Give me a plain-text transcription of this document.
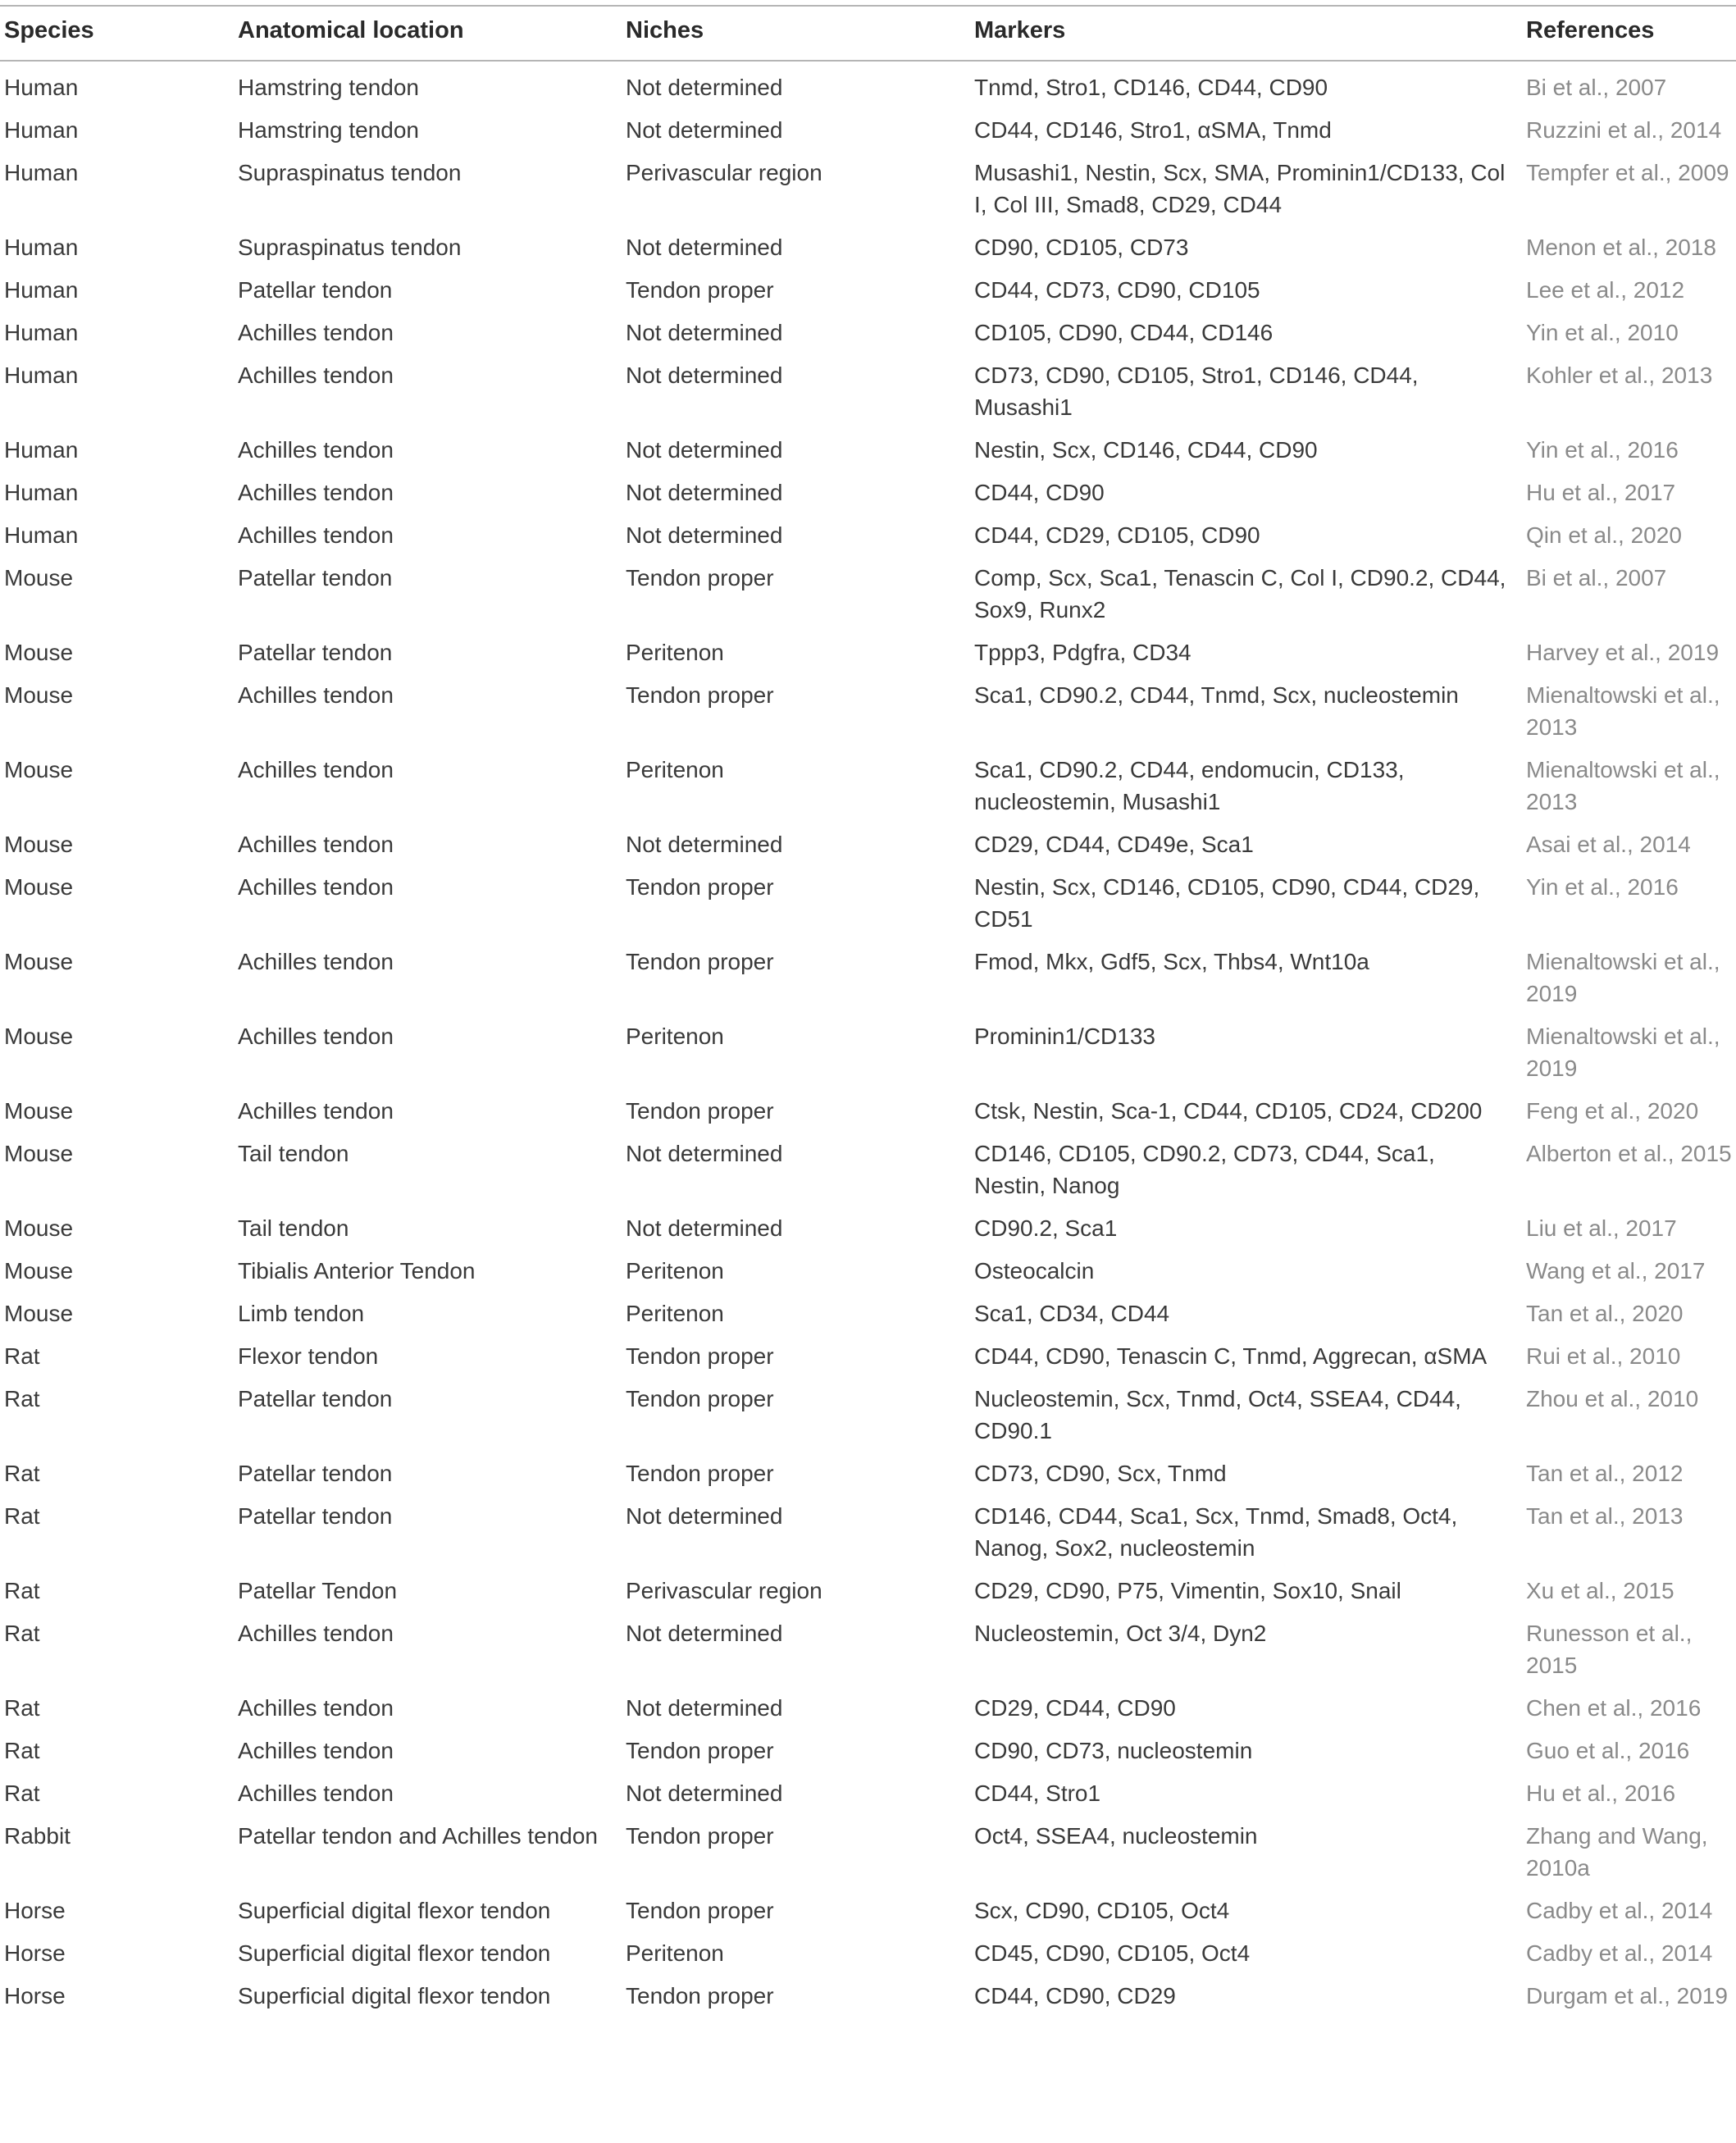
Species	Anatomical location	Niches	Markers	References
Human	Hamstring tendon	Not determined	Tnmd, Stro1, CD146, CD44, CD90	Bi et al., 2007
Human	Hamstring tendon	Not determined	CD44, CD146, Stro1, αSMA, Tnmd	Ruzzini et al., 2014
Human	Supraspinatus tendon	Perivascular region	Musashi1, Nestin, Scx, SMA, Prominin1/CD133, Col I, Col III, Smad8, CD29, CD44	Tempfer et al., 2009
Human	Supraspinatus tendon	Not determined	CD90, CD105, CD73	Menon et al., 2018
Human	Patellar tendon	Tendon proper	CD44, CD73, CD90, CD105	Lee et al., 2012
Human	Achilles tendon	Not determined	CD105, CD90, CD44, CD146	Yin et al., 2010
Human	Achilles tendon	Not determined	CD73, CD90, CD105, Stro1, CD146, CD44, Musashi1	Kohler et al., 2013
Human	Achilles tendon	Not determined	Nestin, Scx, CD146, CD44, CD90	Yin et al., 2016
Human	Achilles tendon	Not determined	CD44, CD90	Hu et al., 2017
Human	Achilles tendon	Not determined	CD44, CD29, CD105, CD90	Qin et al., 2020
Mouse	Patellar tendon	Tendon proper	Comp, Scx, Sca1, Tenascin C, Col I, CD90.2, CD44, Sox9, Runx2	Bi et al., 2007
Mouse	Patellar tendon	Peritenon	Tppp3, Pdgfra, CD34	Harvey et al., 2019
Mouse	Achilles tendon	Tendon proper	Sca1, CD90.2, CD44, Tnmd, Scx, nucleostemin	Mienaltowski et al., 2013
Mouse	Achilles tendon	Peritenon	Sca1, CD90.2, CD44, endomucin, CD133, nucleostemin, Musashi1	Mienaltowski et al., 2013
Mouse	Achilles tendon	Not determined	CD29, CD44, CD49e, Sca1	Asai et al., 2014
Mouse	Achilles tendon	Tendon proper	Nestin, Scx, CD146, CD105, CD90, CD44, CD29, CD51	Yin et al., 2016
Mouse	Achilles tendon	Tendon proper	Fmod, Mkx, Gdf5, Scx, Thbs4, Wnt10a	Mienaltowski et al., 2019
Mouse	Achilles tendon	Peritenon	Prominin1/CD133	Mienaltowski et al., 2019
Mouse	Achilles tendon	Tendon proper	Ctsk, Nestin, Sca-1, CD44, CD105, CD24, CD200	Feng et al., 2020
Mouse	Tail tendon	Not determined	CD146, CD105, CD90.2, CD73, CD44, Sca1, Nestin, Nanog	Alberton et al., 2015
Mouse	Tail tendon	Not determined	CD90.2, Sca1	Liu et al., 2017
Mouse	Tibialis Anterior Tendon	Peritenon	Osteocalcin	Wang et al., 2017
Mouse	Limb tendon	Peritenon	Sca1, CD34, CD44	Tan et al., 2020
Rat	Flexor tendon	Tendon proper	CD44, CD90, Tenascin C, Tnmd, Aggrecan, αSMA	Rui et al., 2010
Rat	Patellar tendon	Tendon proper	Nucleostemin, Scx, Tnmd, Oct4, SSEA4, CD44, CD90.1	Zhou et al., 2010
Rat	Patellar tendon	Tendon proper	CD73, CD90, Scx, Tnmd	Tan et al., 2012
Rat	Patellar tendon	Not determined	CD146, CD44, Sca1, Scx, Tnmd, Smad8, Oct4, Nanog, Sox2, nucleostemin	Tan et al., 2013
Rat	Patellar Tendon	Perivascular region	CD29, CD90, P75, Vimentin, Sox10, Snail	Xu et al., 2015
Rat	Achilles tendon	Not determined	Nucleostemin, Oct 3/4, Dyn2	Runesson et al., 2015
Rat	Achilles tendon	Not determined	CD29, CD44, CD90	Chen et al., 2016
Rat	Achilles tendon	Tendon proper	CD90, CD73, nucleostemin	Guo et al., 2016
Rat	Achilles tendon	Not determined	CD44, Stro1	Hu et al., 2016
Rabbit	Patellar tendon and Achilles tendon	Tendon proper	Oct4, SSEA4, nucleostemin	Zhang and Wang, 2010a
Horse	Superficial digital flexor tendon	Tendon proper	Scx, CD90, CD105, Oct4	Cadby et al., 2014
Horse	Superficial digital flexor tendon	Peritenon	CD45, CD90, CD105, Oct4	Cadby et al., 2014
Horse	Superficial digital flexor tendon	Tendon proper	CD44, CD90, CD29	Durgam et al., 2019
